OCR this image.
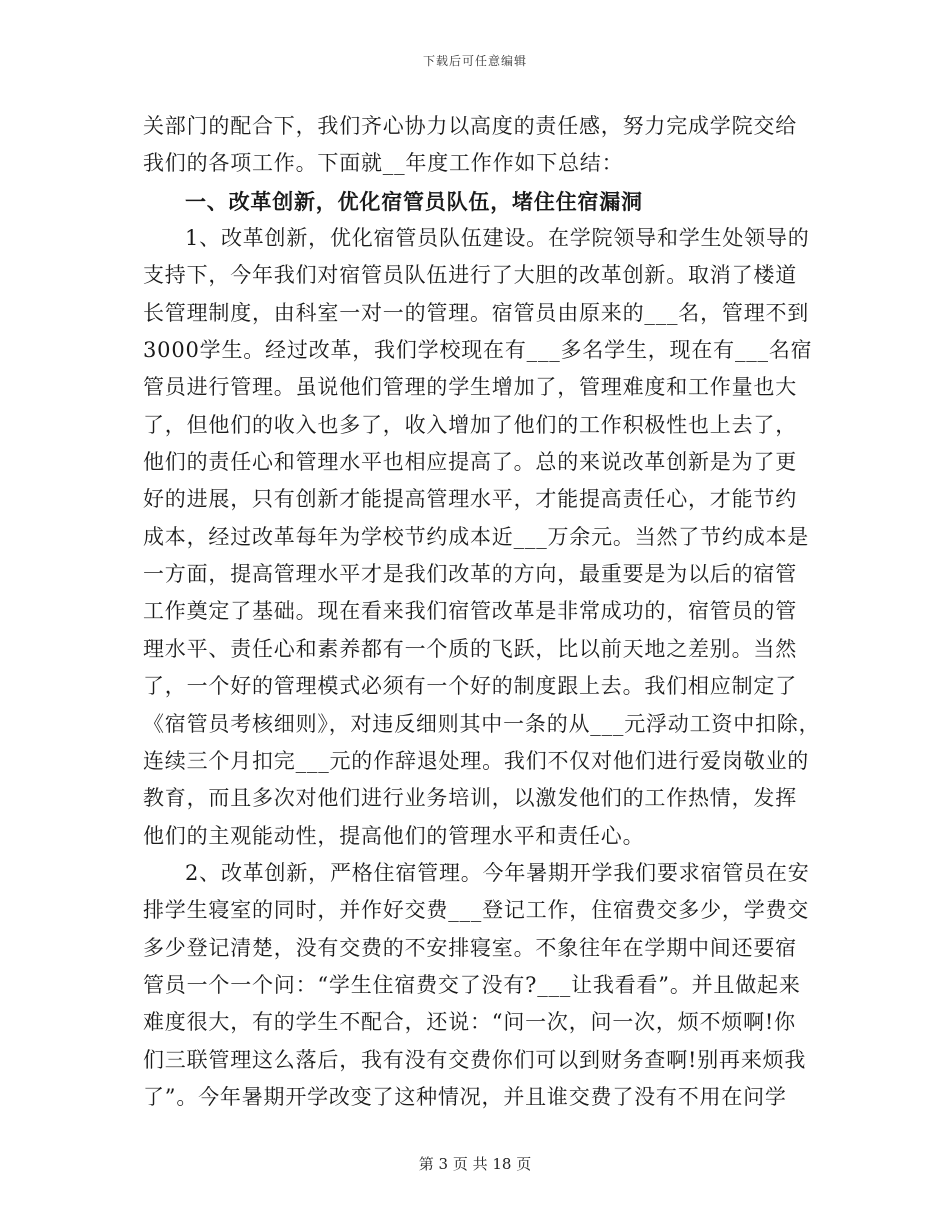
下载后可任意编辑
关部门的配合下，我们齐心协力以高度的责任感，努力完成学院交给
我们的各项工作。下面就__年度工作作如下总结：
一、改革创新，优化宿管员队伍，堵住住宿漏洞
1、改革创新，优化宿管员队伍建设。在学院领导和学生处领导的
支持下，今年我们对宿管员队伍进行了大胆的改革创新。取消了楼道
长管理制度，由科室一对一的管理。宿管员由原来的___名，管理不到
3000学生。经过改革，我们学校现在有___多名学生，现在有___名宿
管员进行管理。虽说他们管理的学生增加了，管理难度和工作量也大
了，但他们的收入也多了，收入增加了他们的工作积极性也上去了，
他们的责任心和管理水平也相应提高了。总的来说改革创新是为了更
好的进展，只有创新才能提高管理水平，才能提高责任心，才能节约
成本，经过改革每年为学校节约成本近___万余元。当然了节约成本是
一方面，提高管理水平才是我们改革的方向，最重要是为以后的宿管
工作奠定了基础。现在看来我们宿管改革是非常成功的，宿管员的管
理水平、责任心和素养都有一个质的飞跃，比以前天地之差别。当然
了，一个好的管理模式必须有一个好的制度跟上去。我们相应制定了
《宿管员考核细则》，对违反细则其中一条的从___元浮动工资中扣除，
连续三个月扣完___元的作辞退处理。我们不仅对他们进行爱岗敬业的
教育，而且多次对他们进行业务培训，以激发他们的工作热情，发挥
他们的主观能动性，提高他们的管理水平和责任心。
2、改革创新，严格住宿管理。今年暑期开学我们要求宿管员在安
排学生寝室的同时，并作好交费___登记工作，住宿费交多少，学费交
多少登记清楚，没有交费的不安排寝室。不象往年在学期中间还要宿
管员一个一个问：“学生住宿费交了没有?___让我看看”。并且做起来
难度很大，有的学生不配合，还说：“问一次，问一次，烦不烦啊!你
们三联管理这么落后，我有没有交费你们可以到财务查啊!别再来烦我
了”。今年暑期开学改变了这种情况，并且谁交费了没有不用在问学
第 3 页 共 18 页
